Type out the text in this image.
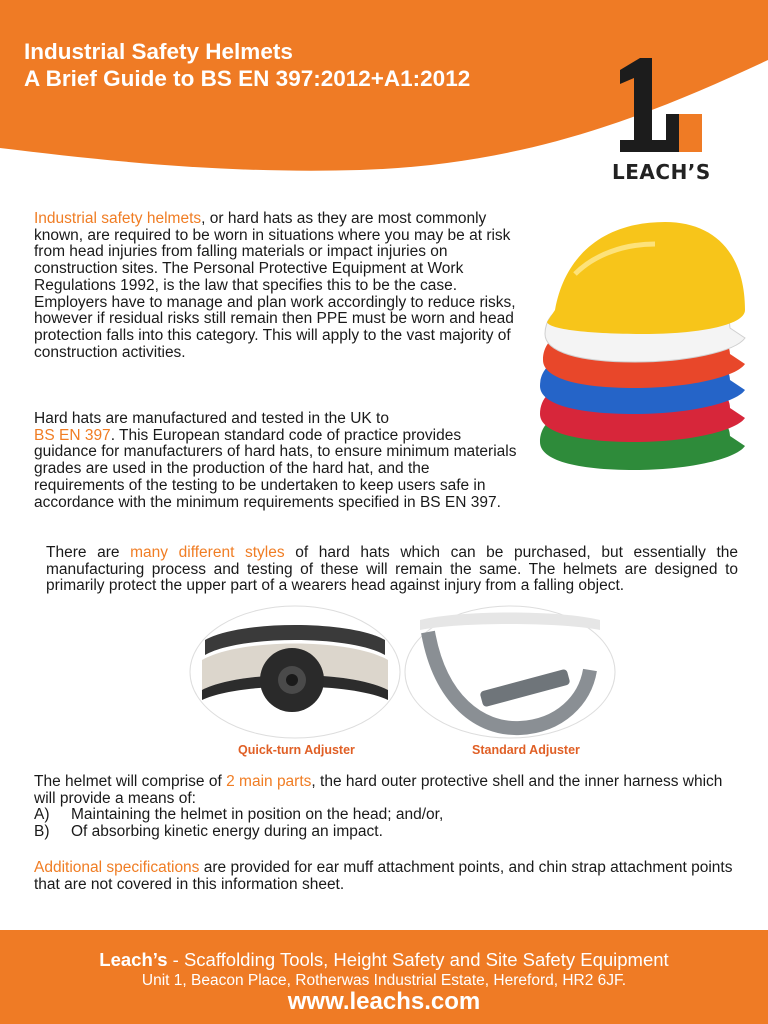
Industrial Safety Helmets
A Brief Guide to BS EN 397:2012+A1:2012
LEACH’S

Industrial safety helmets, or hard hats as they are most commonly known, are required to be worn in situations where you may be at risk from head injuries from falling materials or impact injuries on construction sites. The Personal Protective Equipment at Work Regulations 1992, is the law that specifies this to be the case. Employers have to manage and plan work accordingly to reduce risks, however if residual risks still remain then PPE must be worn and head protection falls into this category. This will apply to the vast majority of construction activities.

Hard hats are manufactured and tested in the UK to
BS EN 397. This European standard code of practice provides guidance for manufacturers of hard hats, to ensure minimum materials grades are used in the production of the hard hat, and the requirements of the testing to be undertaken to keep users safe in accordance with the minimum requirements specified in BS EN 397.

There are many different styles of hard hats which can be purchased, but essentially the manufacturing process and testing of these will remain the same. The helmets are designed to primarily protect the upper part of a wearers head against injury from a falling object.

Quick-turn Adjuster	Standard Adjuster
The helmet will comprise of 2 main parts, the hard outer protective shell and the inner harness which will provide a means of:
A)	Maintaining the helmet in position on the head; and/or,
B)	Of absorbing kinetic energy during an impact.

Additional specifications are provided for ear muff attachment points, and chin strap attachment points that are not covered in this information sheet.

Leach’s - Scaffolding Tools, Height Safety and Site Safety Equipment
Unit 1, Beacon Place, Rotherwas Industrial Estate, Hereford, HR2 6JF.
www.leachs.com
